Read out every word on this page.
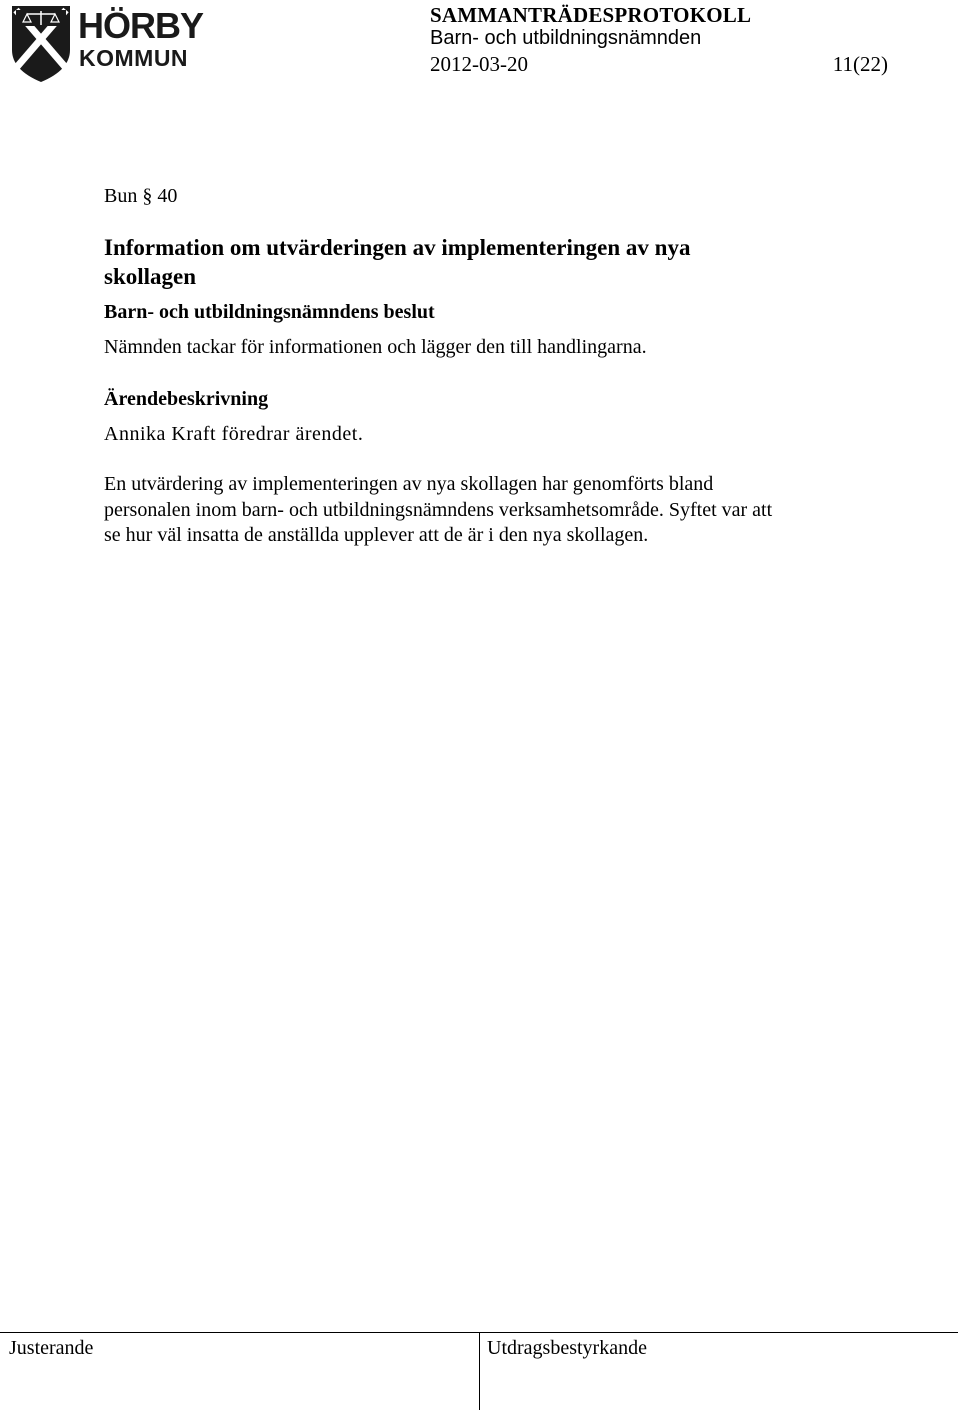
HÖRBY
KOMMUN
SAMMANTRÄDESPROTOKOLL
Barn- och utbildningsnämnden
2012-03-20	11(22)

Bun § 40

Information om utvärderingen av implementeringen av nya skollagen

Barn- och utbildningsnämndens beslut

Nämnden tackar för informationen och lägger den till handlingarna.

Ärendebeskrivning

Annika Kraft föredrar ärendet.

En utvärdering av implementeringen av nya skollagen har genomförts bland personalen inom barn- och utbildningsnämndens verksamhetsområde. Syftet var att se hur väl insatta de anställda upplever att de är i den nya skollagen.

Justerande	Utdragsbestyrkande
